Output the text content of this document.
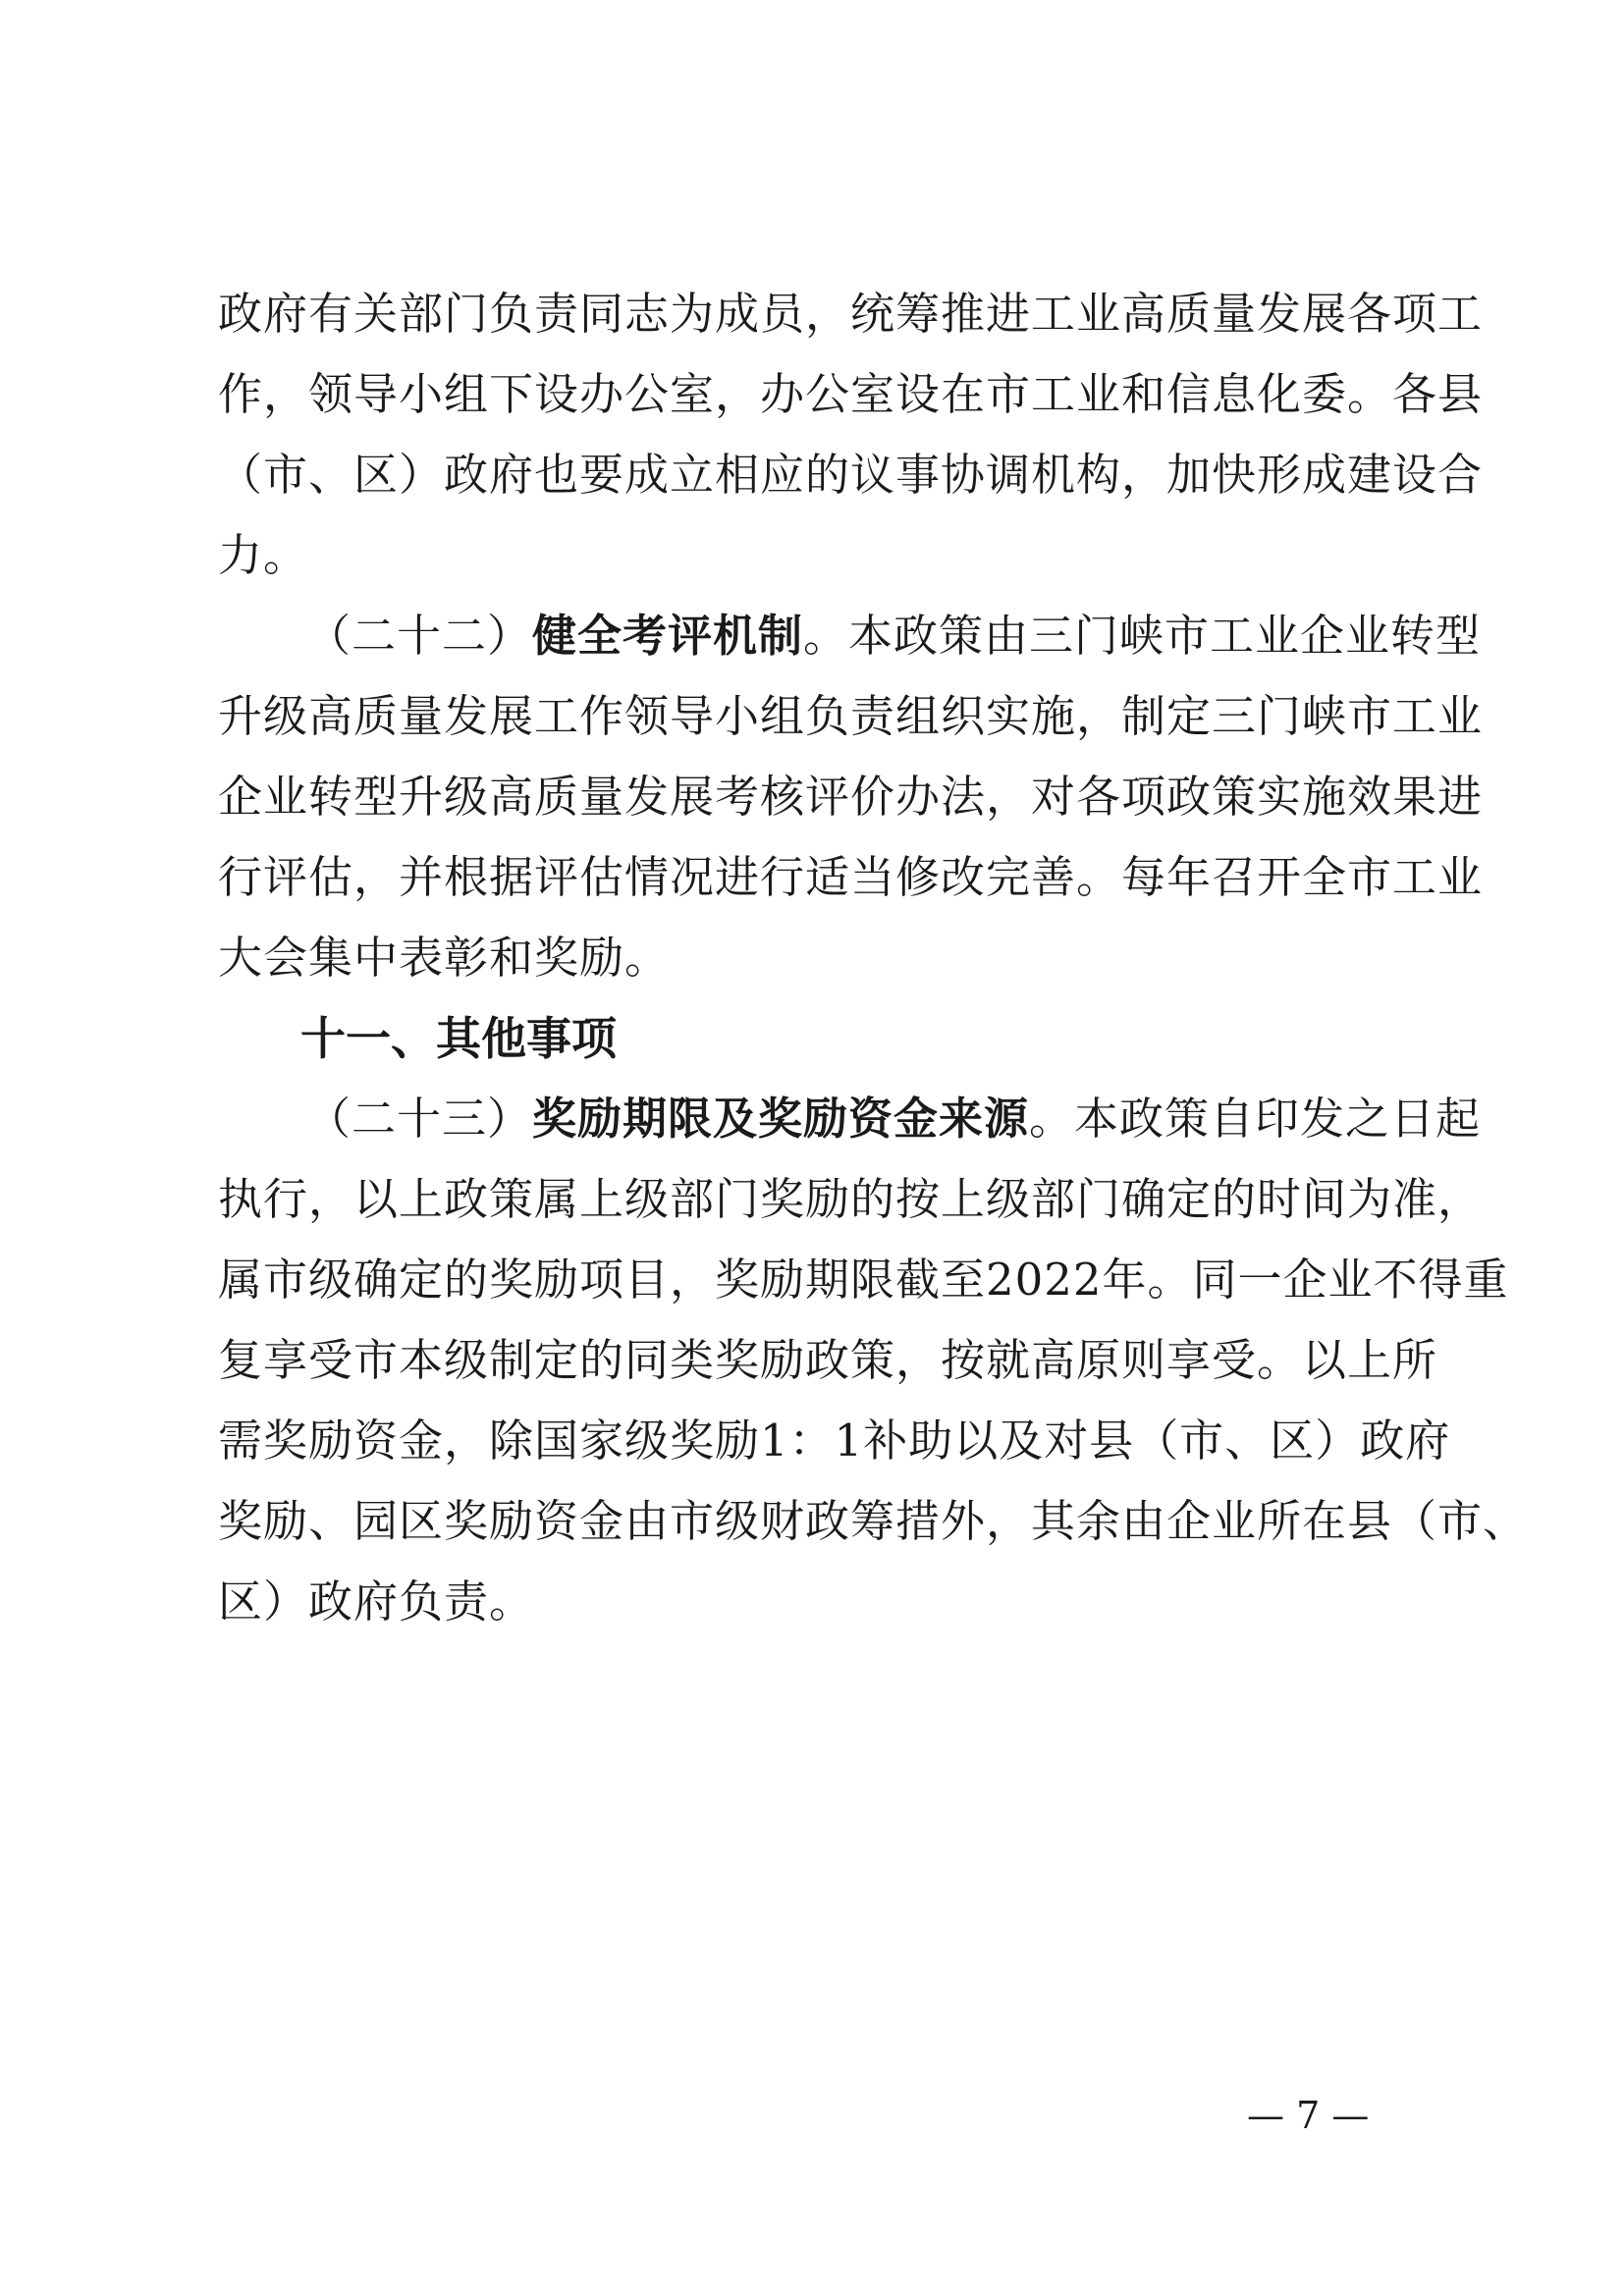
政府有关部门负责同志为成员，统筹推进工业高质量发展各项工
作，领导小组下设办公室，办公室设在市工业和信息化委。各县
（市、区）政府也要成立相应的议事协调机构，加快形成建设合
力。
（二十二）健全考评机制。本政策由三门峡市工业企业转型
升级高质量发展工作领导小组负责组织实施，制定三门峡市工业
企业转型升级高质量发展考核评价办法，对各项政策实施效果进
行评估，并根据评估情况进行适当修改完善。每年召开全市工业
大会集中表彰和奖励。
十一、其他事项
（二十三）奖励期限及奖励资金来源。本政策自印发之日起
执行，以上政策属上级部门奖励的按上级部门确定的时间为准，
属市级确定的奖励项目，奖励期限截至2022年。同一企业不得重
复享受市本级制定的同类奖励政策，按就高原则享受。以上所
需奖励资金，除国家级奖励1：1补助以及对县（市、区）政府
奖励、园区奖励资金由市级财政筹措外，其余由企业所在县（市、
区）政府负责。
— 7 —
